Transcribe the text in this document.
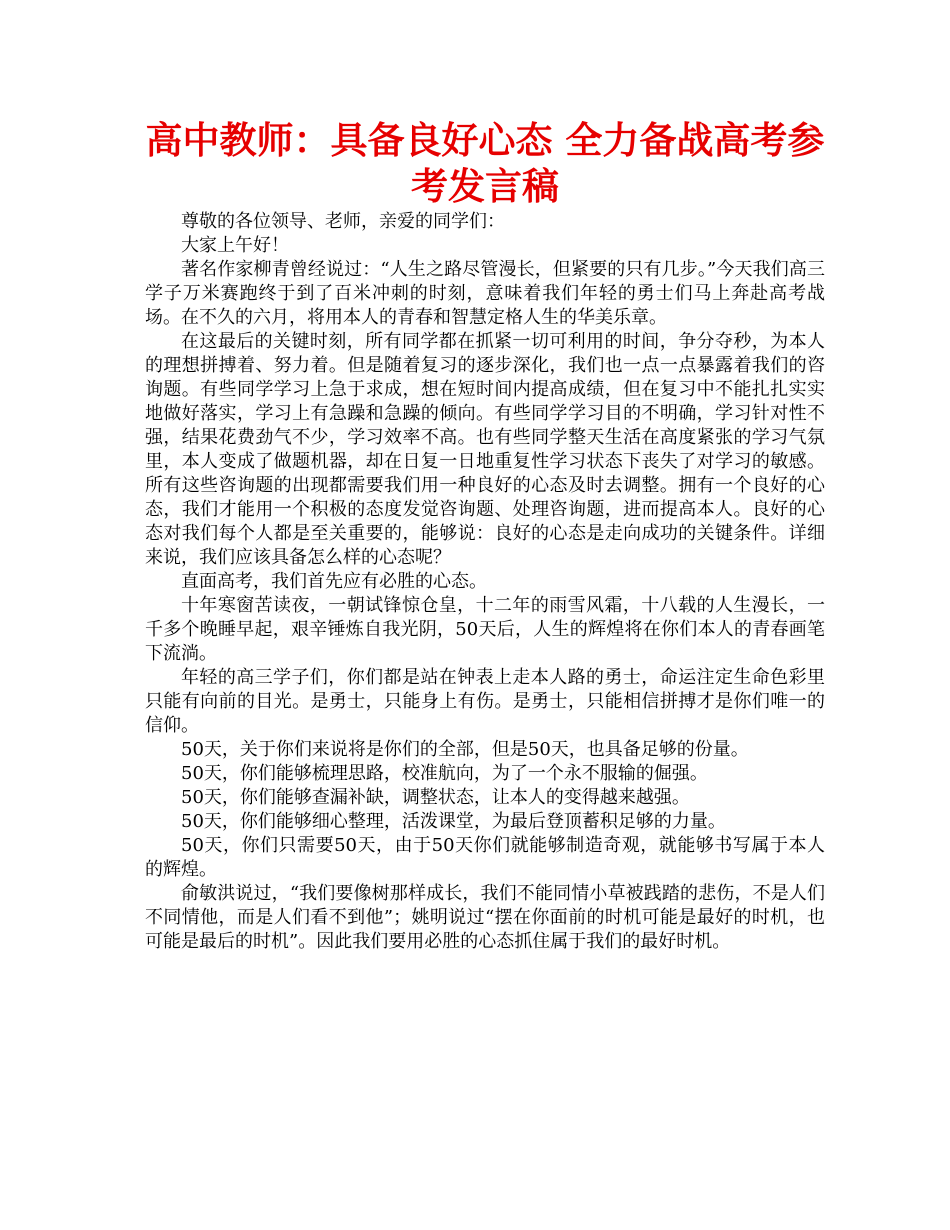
高中教师：具备良好心态 全力备战高考参考发言稿

尊敬的各位领导、老师，亲爱的同学们：

大家上午好！

著名作家柳青曾经说过：“人生之路尽管漫长，但紧要的只有几步。”今天我们高三学子万米赛跑终于到了百米冲刺的时刻，意味着我们年轻的勇士们马上奔赴高考战场。在不久的六月，将用本人的青春和智慧定格人生的华美乐章。

在这最后的关键时刻，所有同学都在抓紧一切可利用的时间，争分夺秒，为本人的理想拼搏着、努力着。但是随着复习的逐步深化，我们也一点一点暴露着我们的咨询题。有些同学学习上急于求成，想在短时间内提高成绩，但在复习中不能扎扎实实地做好落实，学习上有急躁和急躁的倾向。有些同学学习目的不明确，学习针对性不强，结果花费劲气不少，学习效率不高。也有些同学整天生活在高度紧张的学习气氛里，本人变成了做题机器，却在日复一日地重复性学习状态下丧失了对学习的敏感。所有这些咨询题的出现都需要我们用一种良好的心态及时去调整。拥有一个良好的心态，我们才能用一个积极的态度发觉咨询题、处理咨询题，进而提高本人。良好的心态对我们每个人都是至关重要的，能够说：良好的心态是走向成功的关键条件。详细来说，我们应该具备怎么样的心态呢？

直面高考，我们首先应有必胜的心态。

十年寒窗苦读夜，一朝试锋惊仓皇，十二年的雨雪风霜，十八载的人生漫长，一千多个晚睡早起，艰辛锤炼自我光阴，50天后，人生的辉煌将在你们本人的青春画笔下流淌。

年轻的高三学子们，你们都是站在钟表上走本人路的勇士，命运注定生命色彩里只能有向前的目光。是勇士，只能身上有伤。是勇士，只能相信拼搏才是你们唯一的信仰。

50天，关于你们来说将是你们的全部，但是50天，也具备足够的份量。

50天，你们能够梳理思路，校准航向，为了一个永不服输的倔强。

50天，你们能够查漏补缺，调整状态，让本人的变得越来越强。

50天，你们能够细心整理，活泼课堂，为最后登顶蓄积足够的力量。

50天，你们只需要50天，由于50天你们就能够制造奇观，就能够书写属于本人的辉煌。

俞敏洪说过，“我们要像树那样成长，我们不能同情小草被践踏的悲伤，不是人们不同情他，而是人们看不到他”；姚明说过“摆在你面前的时机可能是最好的时机，也可能是最后的时机”。因此我们要用必胜的心态抓住属于我们的最好时机。
